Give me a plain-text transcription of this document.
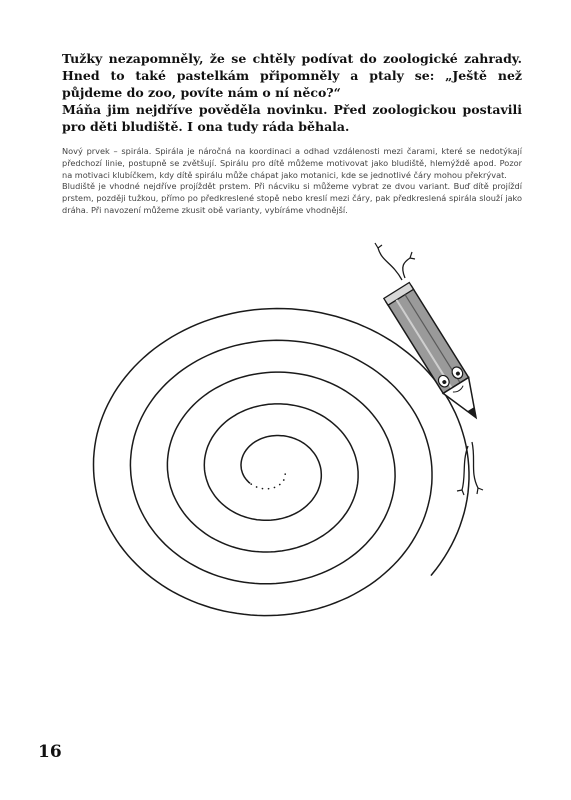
Tužky nezapomněly, že se chtěly podívat do zoologické zahrady. Hned to také pastelkám připomněly a ptaly se: „Ještě než půjdeme do zoo, povíte nám o ní něco?“

Máňa jim nejdříve pověděla novinku. Před zoologickou postavili pro děti bludiště. I ona tudy ráda běhala.

Nový prvek – spirála. Spirála je náročná na koordinaci a odhad vzdálenosti mezi čarami, které se nedotýkají předchozí linie, postupně se zvětšují. Spirálu pro dítě můžeme motivovat jako bludiště, hlemýždě apod. Pozor na motivaci klubíčkem, kdy dítě spirálu může chápat jako motanici, kde se jednotlivé čáry mohou překrývat.

Bludiště je vhodné nejdříve projíždět prstem. Při nácviku si můžeme vybrat ze dvou variant. Buď dítě projíždí prstem, později tužkou, přímo po předkreslené stopě nebo kreslí mezi čáry, pak předkreslená spirála slouží jako dráha. Při navození můžeme zkusit obě varianty, vybíráme vhodnější.

16
